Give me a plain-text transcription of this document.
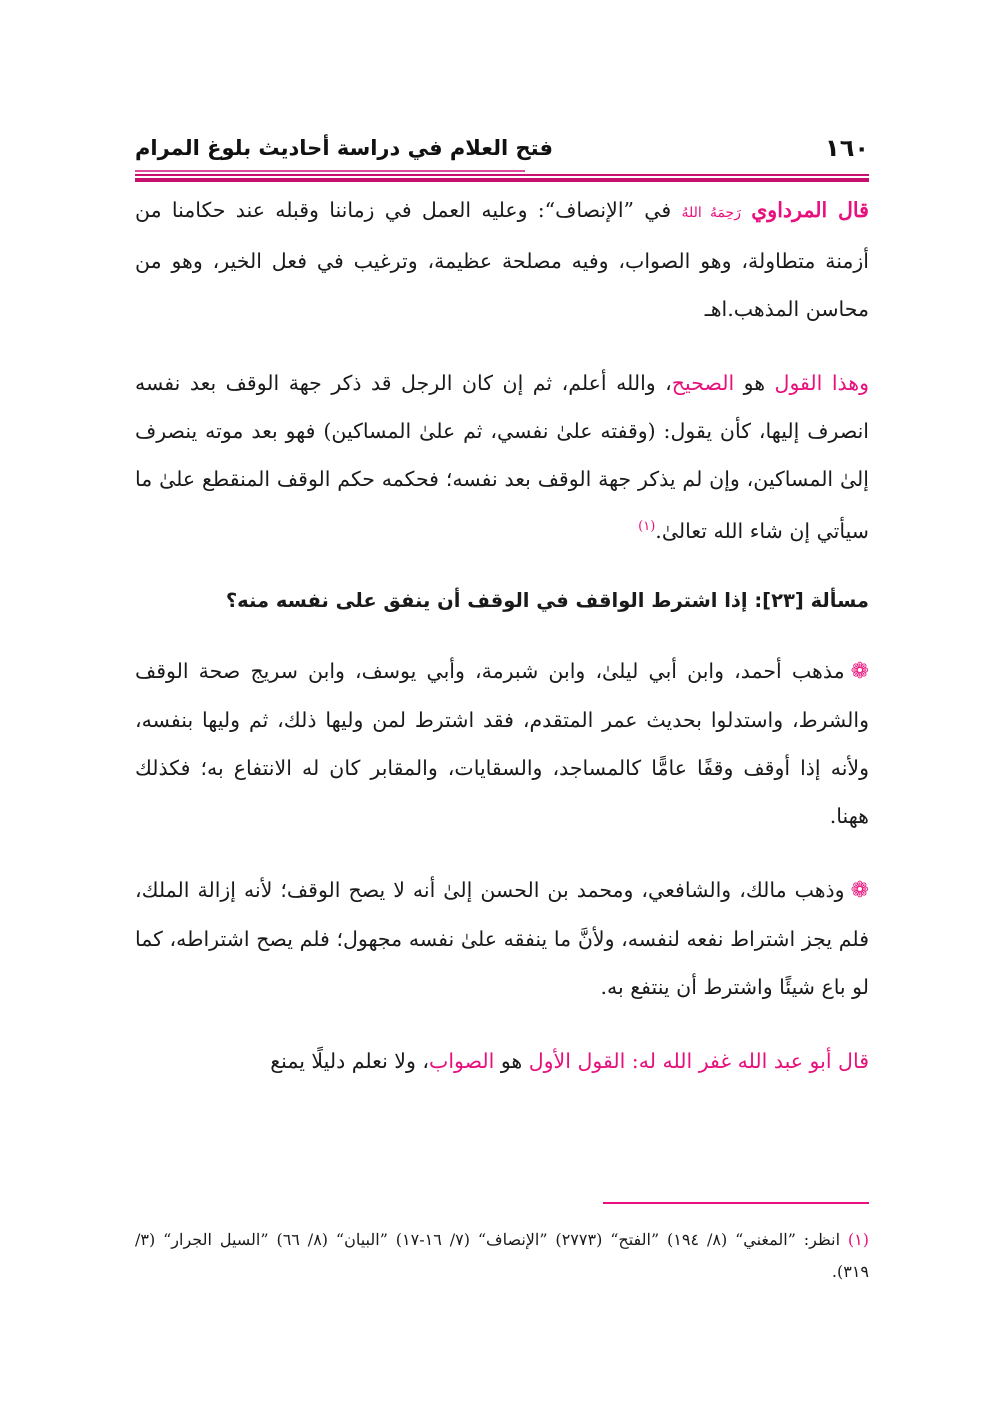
١٦٠
فتح العلام في دراسة أحاديث بلوغ المرام

قال المرداوي رَحِمَهُ اللهُ في ”الإنصاف“: وعليه العمل في زماننا وقبله عند حكامنا من أزمنة متطاولة، وهو الصواب، وفيه مصلحة عظيمة، وترغيب في فعل الخير، وهو من محاسن المذهب.اهـ

وهذا القول هو الصحيح، والله أعلم، ثم إن كان الرجل قد ذكر جهة الوقف بعد نفسه انصرف إليها، كأن يقول: (وقفته علىٰ نفسي، ثم علىٰ المساكين) فهو بعد موته ينصرف إلىٰ المساكين، وإن لم يذكر جهة الوقف بعد نفسه؛ فحكمه حكم الوقف المنقطع علىٰ ما سيأتي إن شاء الله تعالىٰ.$^{(١)}$

مسألة [٢٣]: إذا اشترط الواقف في الوقف أن ينفق على نفسه منه؟

❁مذهب أحمد، وابن أبي ليلىٰ، وابن شبرمة، وأبي يوسف، وابن سريج صحة الوقف والشرط، واستدلوا بحديث عمر المتقدم، فقد اشترط لمن وليها ذلك، ثم وليها بنفسه، ولأنه إذا أوقف وقفًا عامًّا كالمساجد، والسقايات، والمقابر كان له الانتفاع به؛ فكذلك ههنا.

❁وذهب مالك، والشافعي، ومحمد بن الحسن إلىٰ أنه لا يصح الوقف؛ لأنه إزالة الملك، فلم يجز اشتراط نفعه لنفسه، ولأنَّ ما ينفقه علىٰ نفسه مجهول؛ فلم يصح اشتراطه، كما لو باع شيئًا واشترط أن ينتفع به.

قال أبو عبد الله غفر الله له: القول الأول هو الصواب، ولا نعلم دليلًا يمنع

(١) انظر: ”المغني“ (٨/ ١٩٤) ”الفتح“ (٢٧٧٣) ”الإنصاف“ (٧/ ١٦-١٧) ”البيان“ (٨/ ٦٦) ”السيل الجرار“ (٣/ ٣١٩).
